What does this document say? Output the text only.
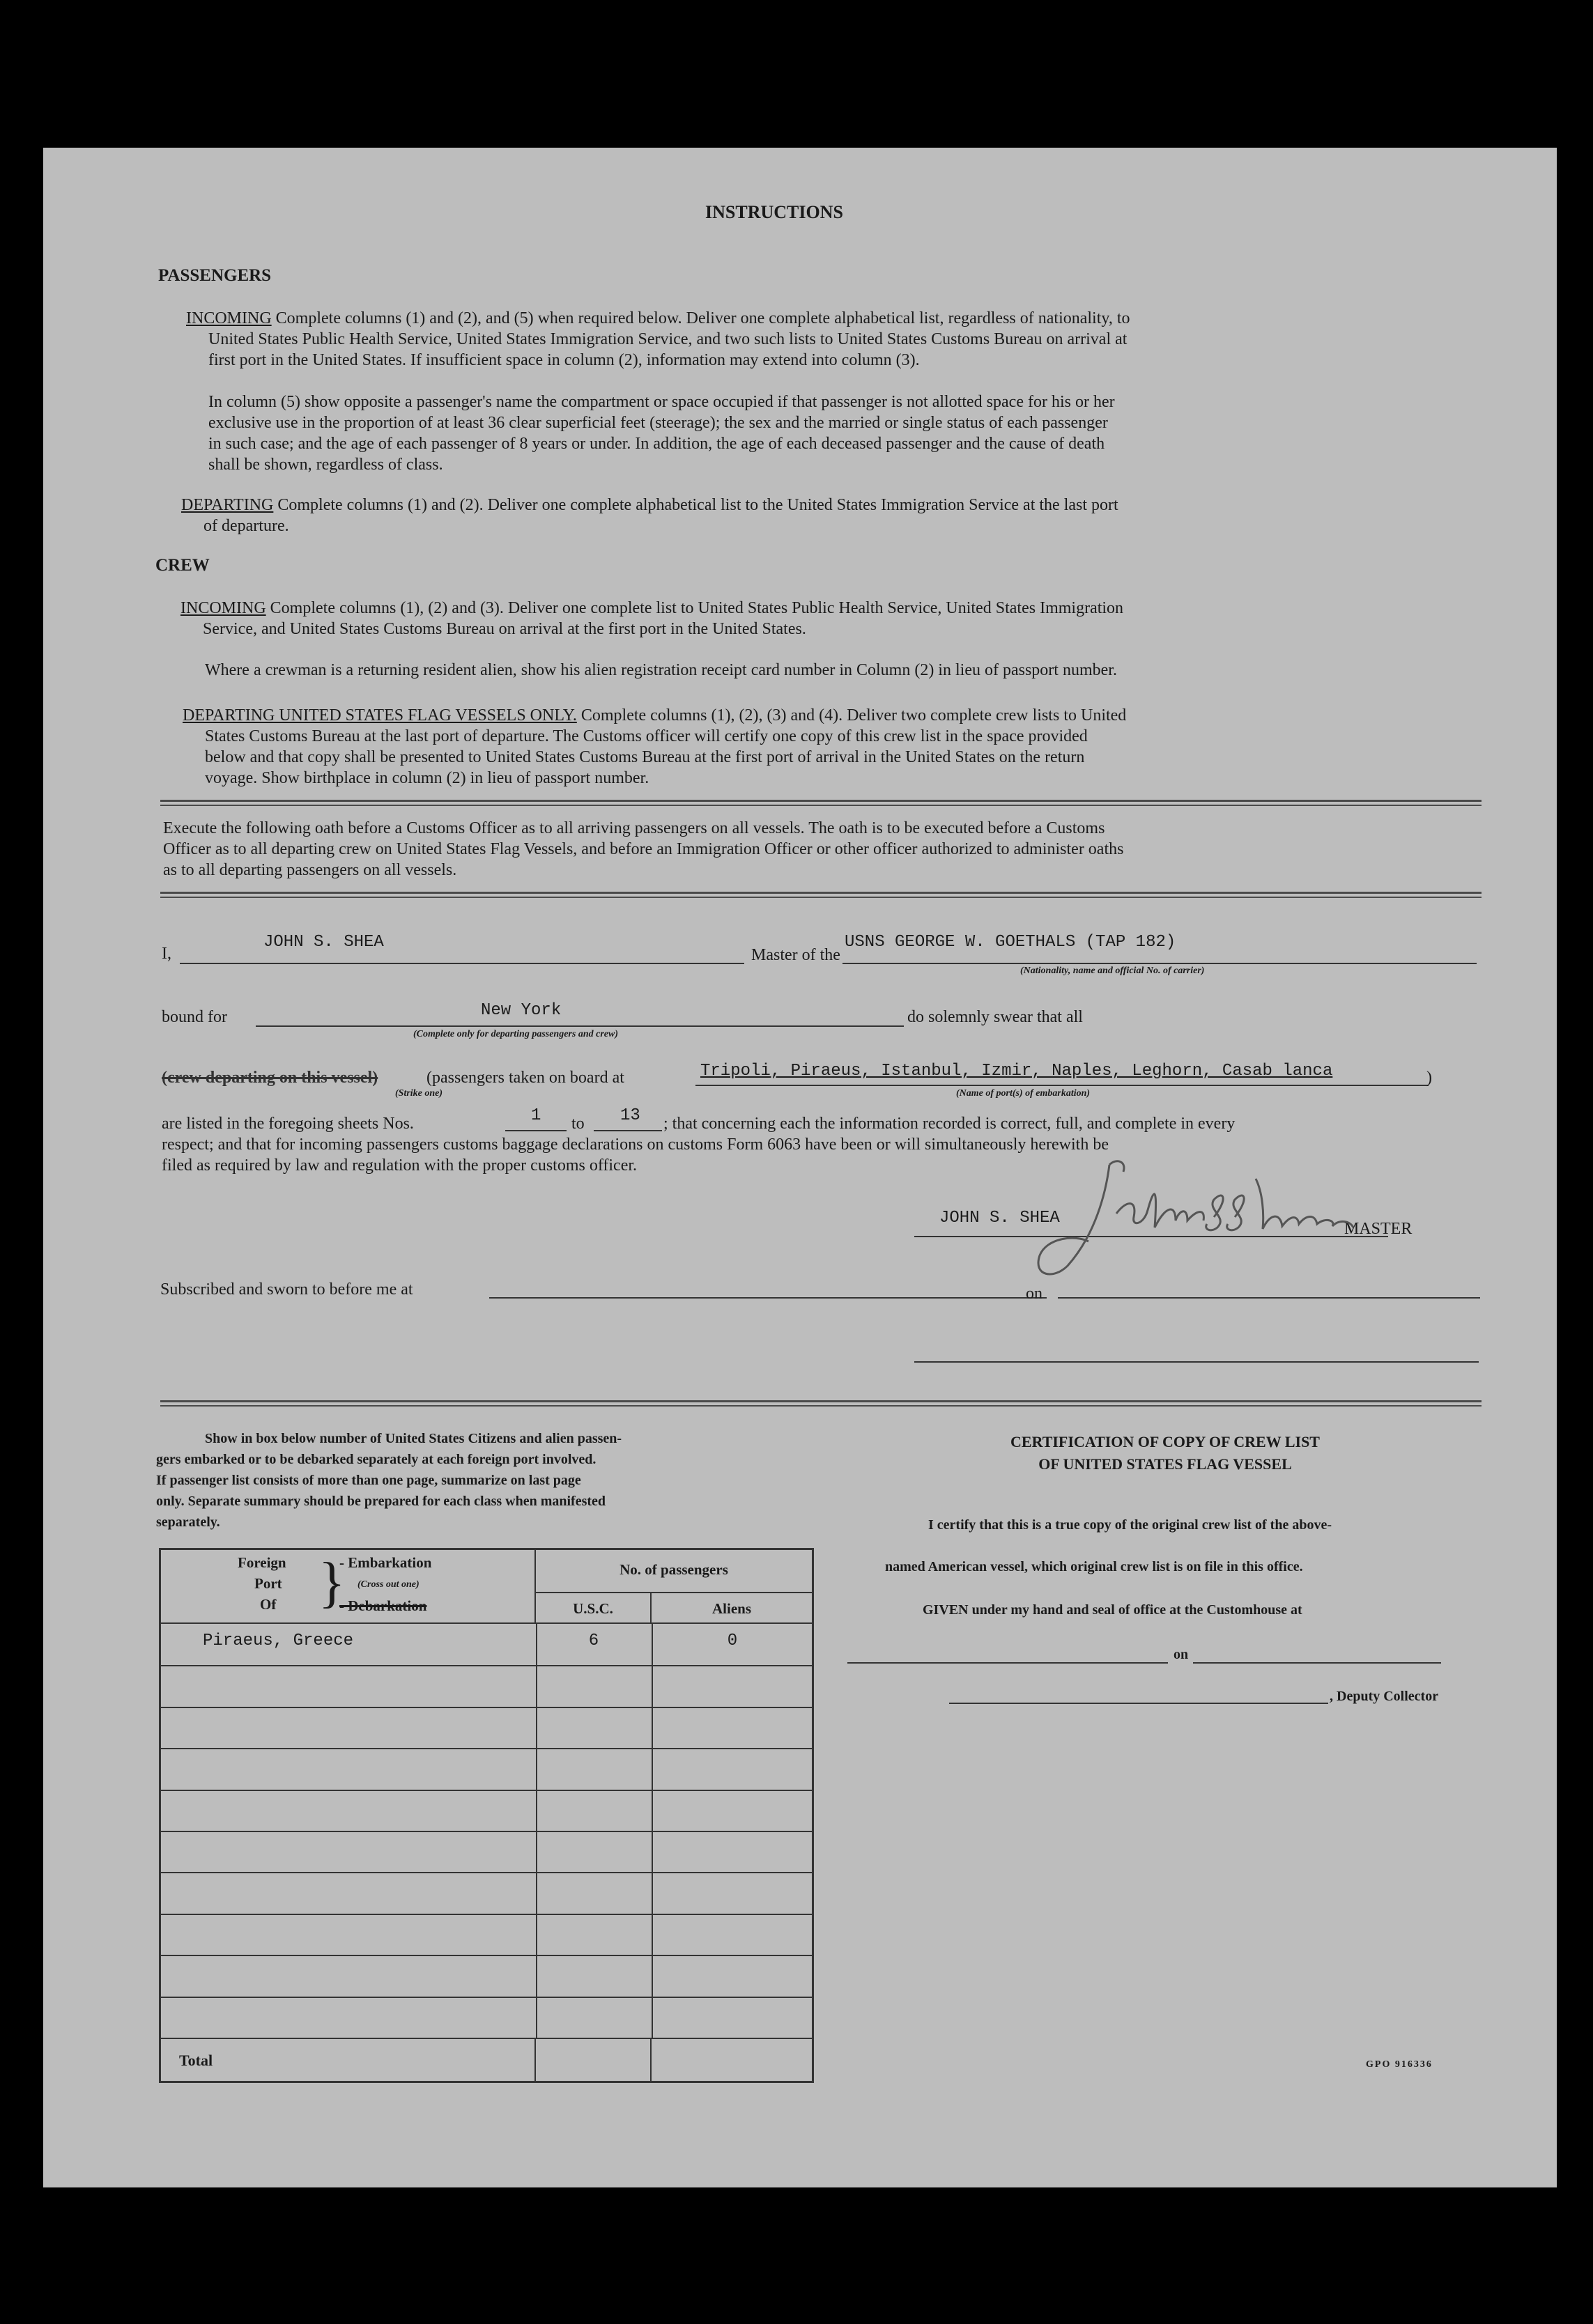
INSTRUCTIONS
PASSENGERS
INCOMING Complete columns (1) and (2), and (5) when required below. Deliver one complete alphabetical list, regardless of nationality, to
United States Public Health Service, United States Immigration Service, and two such lists to United States Customs Bureau on arrival at
first port in the United States. If insufficient space in column (2), information may extend into column (3).
In column (5) show opposite a passenger's name the compartment or space occupied if that passenger is not allotted space for his or her
exclusive use in the proportion of at least 36 clear superficial feet (steerage); the sex and the married or single status of each passenger
in such case; and the age of each passenger of 8 years or under. In addition, the age of each deceased passenger and the cause of death
shall be shown, regardless of class.
DEPARTING Complete columns (1) and (2). Deliver one complete alphabetical list to the United States Immigration Service at the last port
of departure.
CREW
INCOMING Complete columns (1), (2) and (3). Deliver one complete list to United States Public Health Service, United States Immigration
Service, and United States Customs Bureau on arrival at the first port in the United States.
Where a crewman is a returning resident alien, show his alien registration receipt card number in Column (2) in lieu of passport number.
DEPARTING UNITED STATES FLAG VESSELS ONLY. Complete columns (1), (2), (3) and (4). Deliver two complete crew lists to United
States Customs Bureau at the last port of departure. The Customs officer will certify one copy of this crew list in the space provided
below and that copy shall be presented to United States Customs Bureau at the first port of arrival in the United States on the return
voyage. Show birthplace in column (2) in lieu of passport number.
Execute the following oath before a Customs Officer as to all arriving passengers on all vessels. The oath is to be executed before a Customs
Officer as to all departing crew on United States Flag Vessels, and before an Immigration Officer or other officer authorized to administer oaths
as to all departing passengers on all vessels.
I,
JOHN S. SHEA
Master of the
USNS GEORGE W. GOETHALS (TAP 182)
(Nationality, name and official No. of carrier)
bound for	New York
(Complete only for departing passengers and crew)
do solemnly swear that all
(crew departing on this vessel)	(passengers taken on board at
(Strike one)
Tripoli, Piraeus, Istanbul, Izmir, Naples, Leghorn, Casab lanca	)
(Name of port(s) of embarkation)
are listed in the foregoing sheets Nos.	1 to 13 ; that concerning each the information recorded is correct, full, and complete in every
respect; and that for incoming passengers customs baggage declarations on customs Form 6063 have been or will simultaneously herewith be
filed as required by law and regulation with the proper customs officer.
JOHN S. SHEA
MASTER
Subscribed and sworn to before me at	on
Show in box below number of United States Citizens and alien passen-
gers embarked or to be debarked separately at each foreign port involved.
If passenger list consists of more than one page, summarize on last page
only. Separate summary should be prepared for each class when manifested
separately.
Foreign
Port
Of }
- Embarkation
(Cross out one)
- Debarkation
No. of passengers
U.S.C.	Aliens
Piraeus, Greece	6	0
Total
CERTIFICATION OF COPY OF CREW LIST
OF UNITED STATES FLAG VESSEL
I certify that this is a true copy of the original crew list of the above-
named American vessel, which original crew list is on file in this office.
GIVEN under my hand and seal of office at the Customhouse at
on
, Deputy Collector
GPO 916336
